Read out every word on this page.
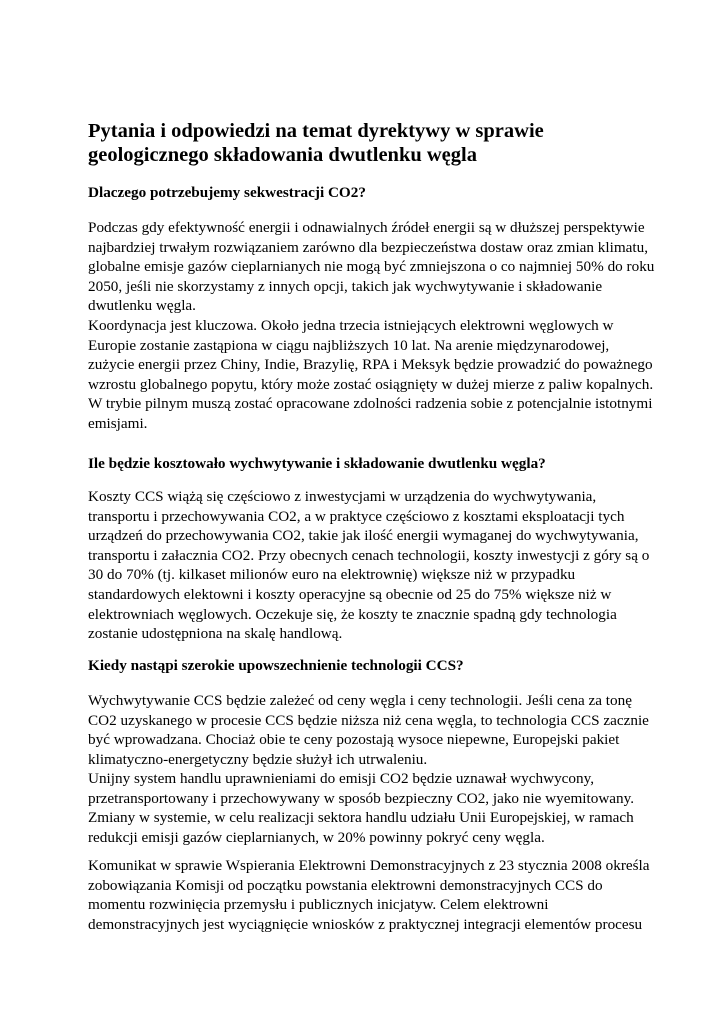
Pytania i odpowiedzi na temat dyrektywy w sprawie
geologicznego składowania dwutlenku węgla
Dlaczego potrzebujemy sekwestracji CO2?

Podczas gdy efektywność energii i odnawialnych źródeł energii są w dłuższej perspektywie
najbardziej trwałym rozwiązaniem zarówno dla bezpieczeństwa dostaw oraz zmian klimatu,
globalne emisje gazów cieplarnianych nie mogą być zmniejszona o co najmniej 50% do roku
2050, jeśli nie skorzystamy z innych opcji, takich jak wychwytywanie i składowanie
dwutlenku węgla.

Koordynacja jest kluczowa. Około jedna trzecia istniejących elektrowni węglowych w
Europie zostanie zastąpiona w ciągu najbliższych 10 lat. Na arenie międzynarodowej,
zużycie energii przez Chiny, Indie, Brazylię, RPA i Meksyk będzie prowadzić do poważnego
wzrostu globalnego popytu, który może zostać osiągnięty w dużej mierze z paliw kopalnych.
W trybie pilnym muszą zostać opracowane zdolności radzenia sobie z potencjalnie istotnymi
emisjami.

Ile będzie kosztowało wychwytywanie i składowanie dwutlenku węgla?

Koszty CCS wiążą się częściowo z inwestycjami w urządzenia do wychwytywania,
transportu i przechowywania CO2, a w praktyce częściowo z kosztami eksploatacji tych
urządzeń do przechowywania CO2, takie jak ilość energii wymaganej do wychwytywania,
transportu i załacznia CO2. Przy obecnych cenach technologii, koszty inwestycji z góry są o
30 do 70% (tj. kilkaset milionów euro na elektrownię) większe niż w przypadku
standardowych elektowni i koszty operacyjne są obecnie od 25 do 75% większe niż w
elektrowniach węglowych. Oczekuje się, że koszty te znacznie spadną gdy technologia
zostanie udostępniona na skalę handlową.

Kiedy nastąpi szerokie upowszechnienie technologii CCS?

Wychwytywanie CCS będzie zależeć od ceny węgla i ceny technologii. Jeśli cena za tonę
CO2 uzyskanego w procesie CCS będzie niższa niż cena węgla, to technologia CCS zacznie
być wprowadzana. Chociaż obie te ceny pozostają wysoce niepewne, Europejski pakiet
klimatyczno-energetyczny będzie służył ich utrwaleniu.

Unijny system handlu uprawnieniami do emisji CO2 będzie uznawał wychwycony,
przetransportowany i przechowywany w sposób bezpieczny CO2, jako nie wyemitowany.
Zmiany w systemie, w celu realizacji sektora handlu udziału Unii Europejskiej, w ramach
redukcji emisji gazów cieplarnianych, w 20% powinny pokryć ceny węgla.

Komunikat w sprawie Wspierania Elektrowni Demonstracyjnych z 23 stycznia 2008 określa
zobowiązania Komisji od początku powstania elektrowni demonstracyjnych CCS do
momentu rozwinięcia przemysłu i publicznych inicjatyw. Celem elektrowni
demonstracyjnych jest wyciągnięcie wniosków z praktycznej integracji elementów procesu
